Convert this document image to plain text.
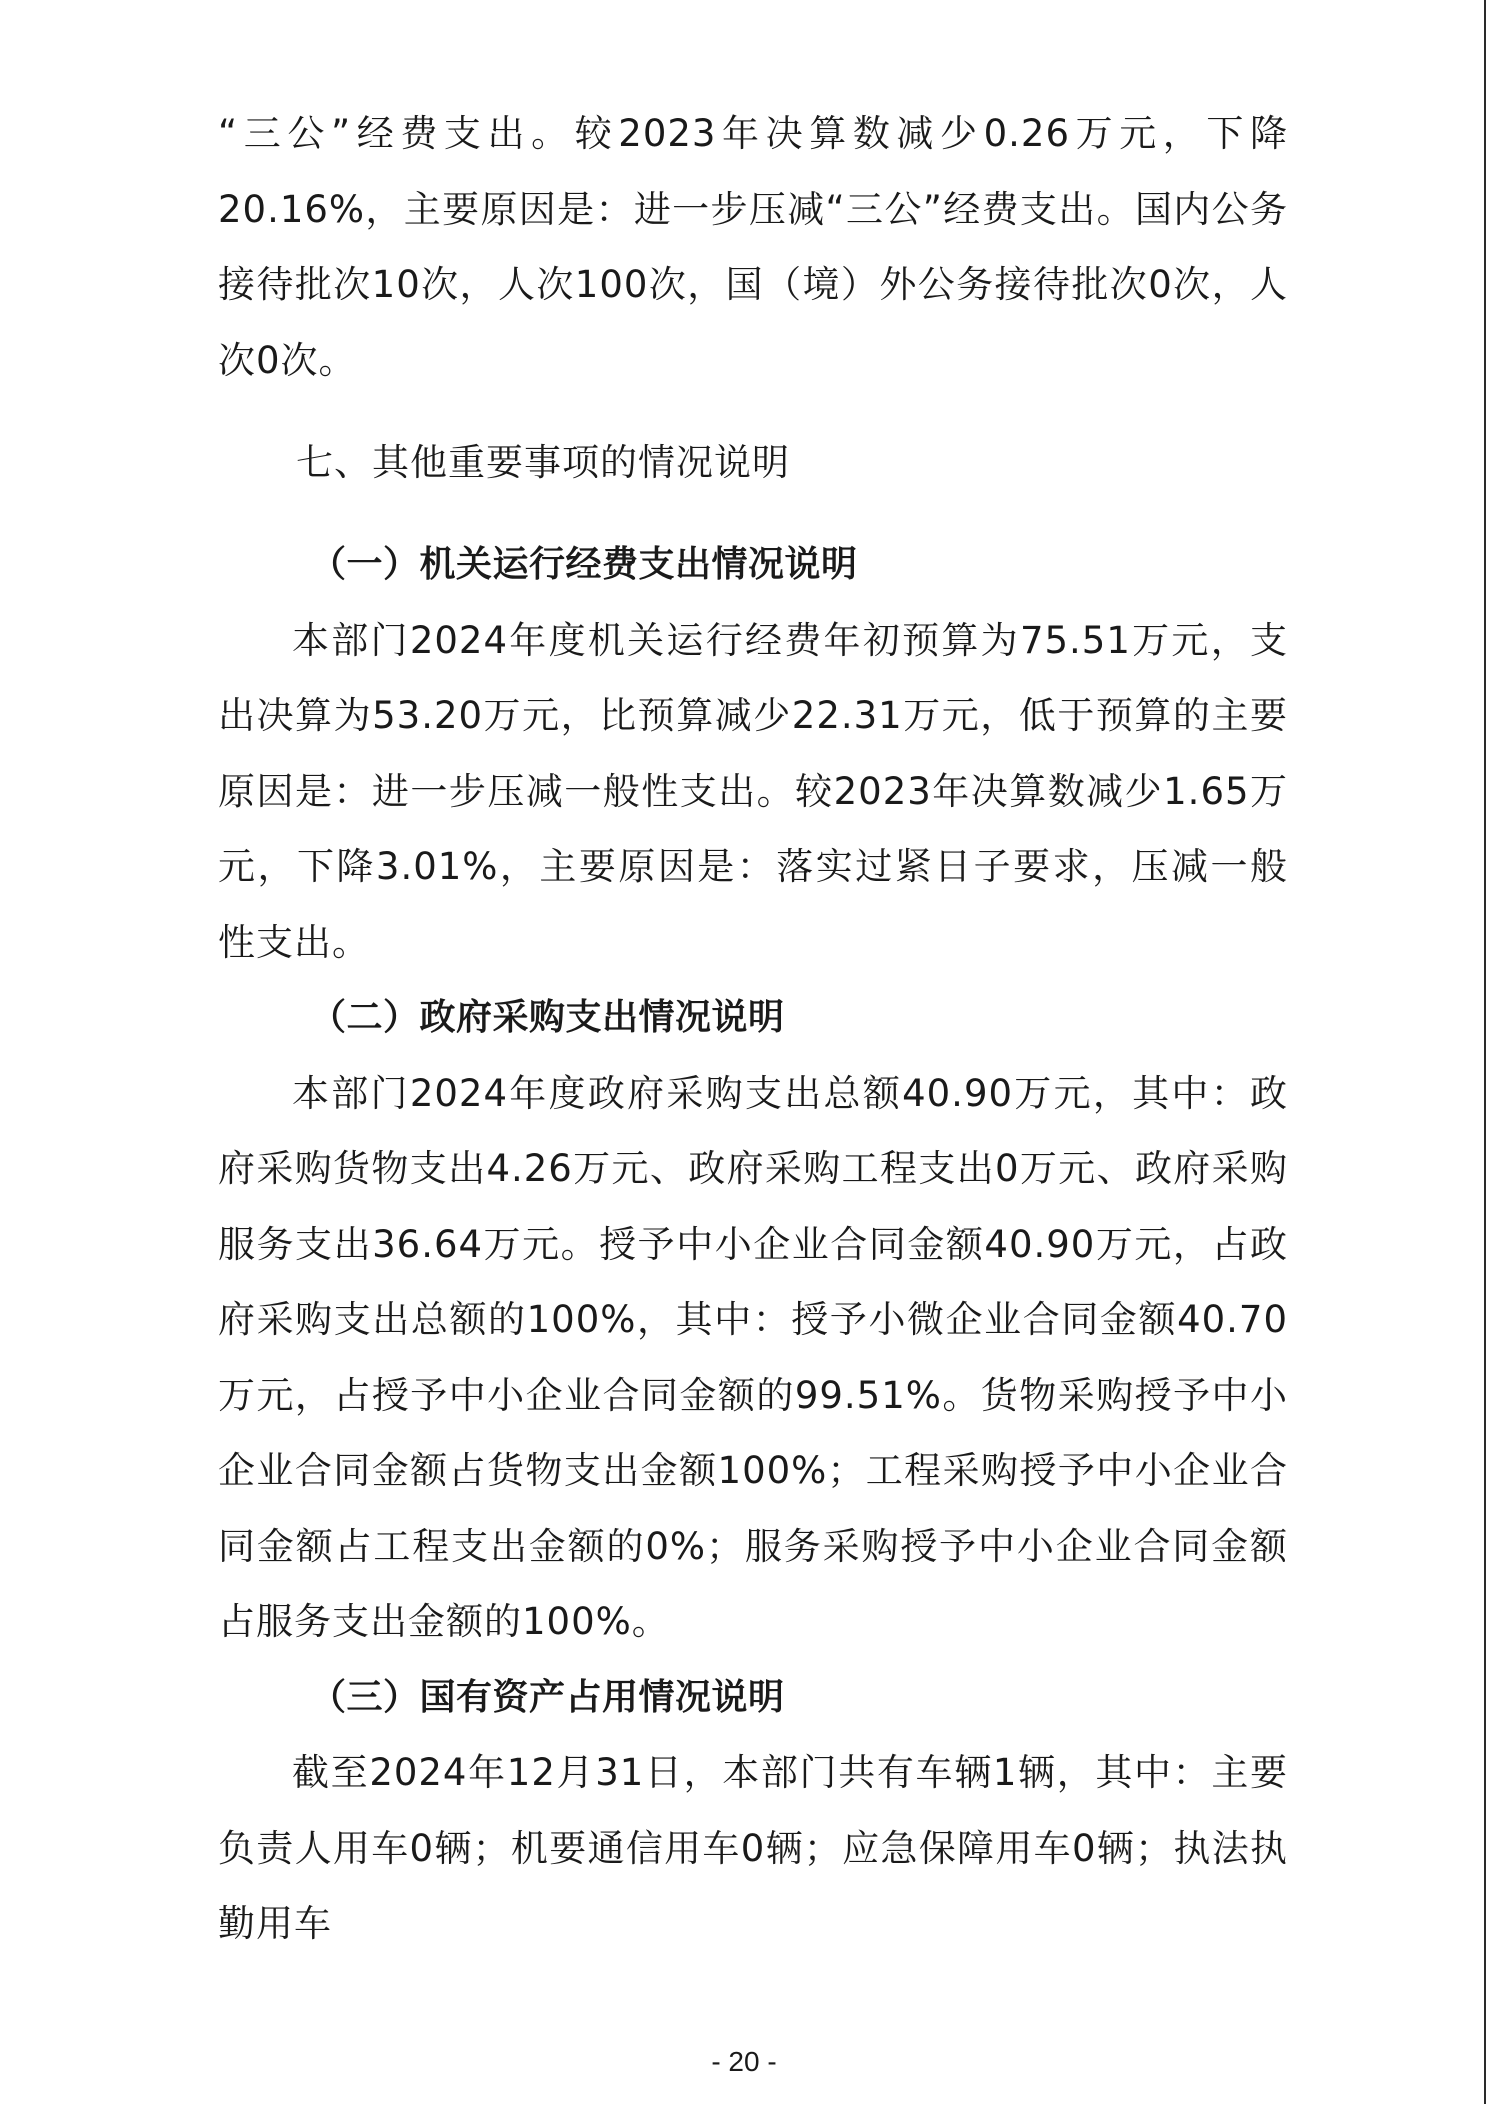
“三公”经费支出。较2023年决算数减少0.26万元，下降20.16%，主要原因是：进一步压减“三公”经费支出。国内公务接待批次10次，人次100次，国（境）外公务接待批次0次，人次0次。

七、其他重要事项的情况说明
（一）机关运行经费支出情况说明

本部门2024年度机关运行经费年初预算为75.51万元，支出决算为53.20万元，比预算减少22.31万元，低于预算的主要原因是：进一步压减一般性支出。较2023年决算数减少1.65万元，下降3.01%，主要原因是：落实过紧日子要求，压减一般性支出。

（二）政府采购支出情况说明

本部门2024年度政府采购支出总额40.90万元，其中：政府采购货物支出4.26万元、政府采购工程支出0万元、政府采购服务支出36.64万元。授予中小企业合同金额40.90万元，占政府采购支出总额的100%，其中：授予小微企业合同金额40.70万元，占授予中小企业合同金额的99.51%。货物采购授予中小企业合同金额占货物支出金额100%；工程采购授予中小企业合同金额占工程支出金额的0%；服务采购授予中小企业合同金额占服务支出金额的100%。

（三）国有资产占用情况说明

截至2024年12月31日，本部门共有车辆1辆，其中：主要负责人用车0辆；机要通信用车0辆；应急保障用车0辆；执法执勤用车

- 20 -
